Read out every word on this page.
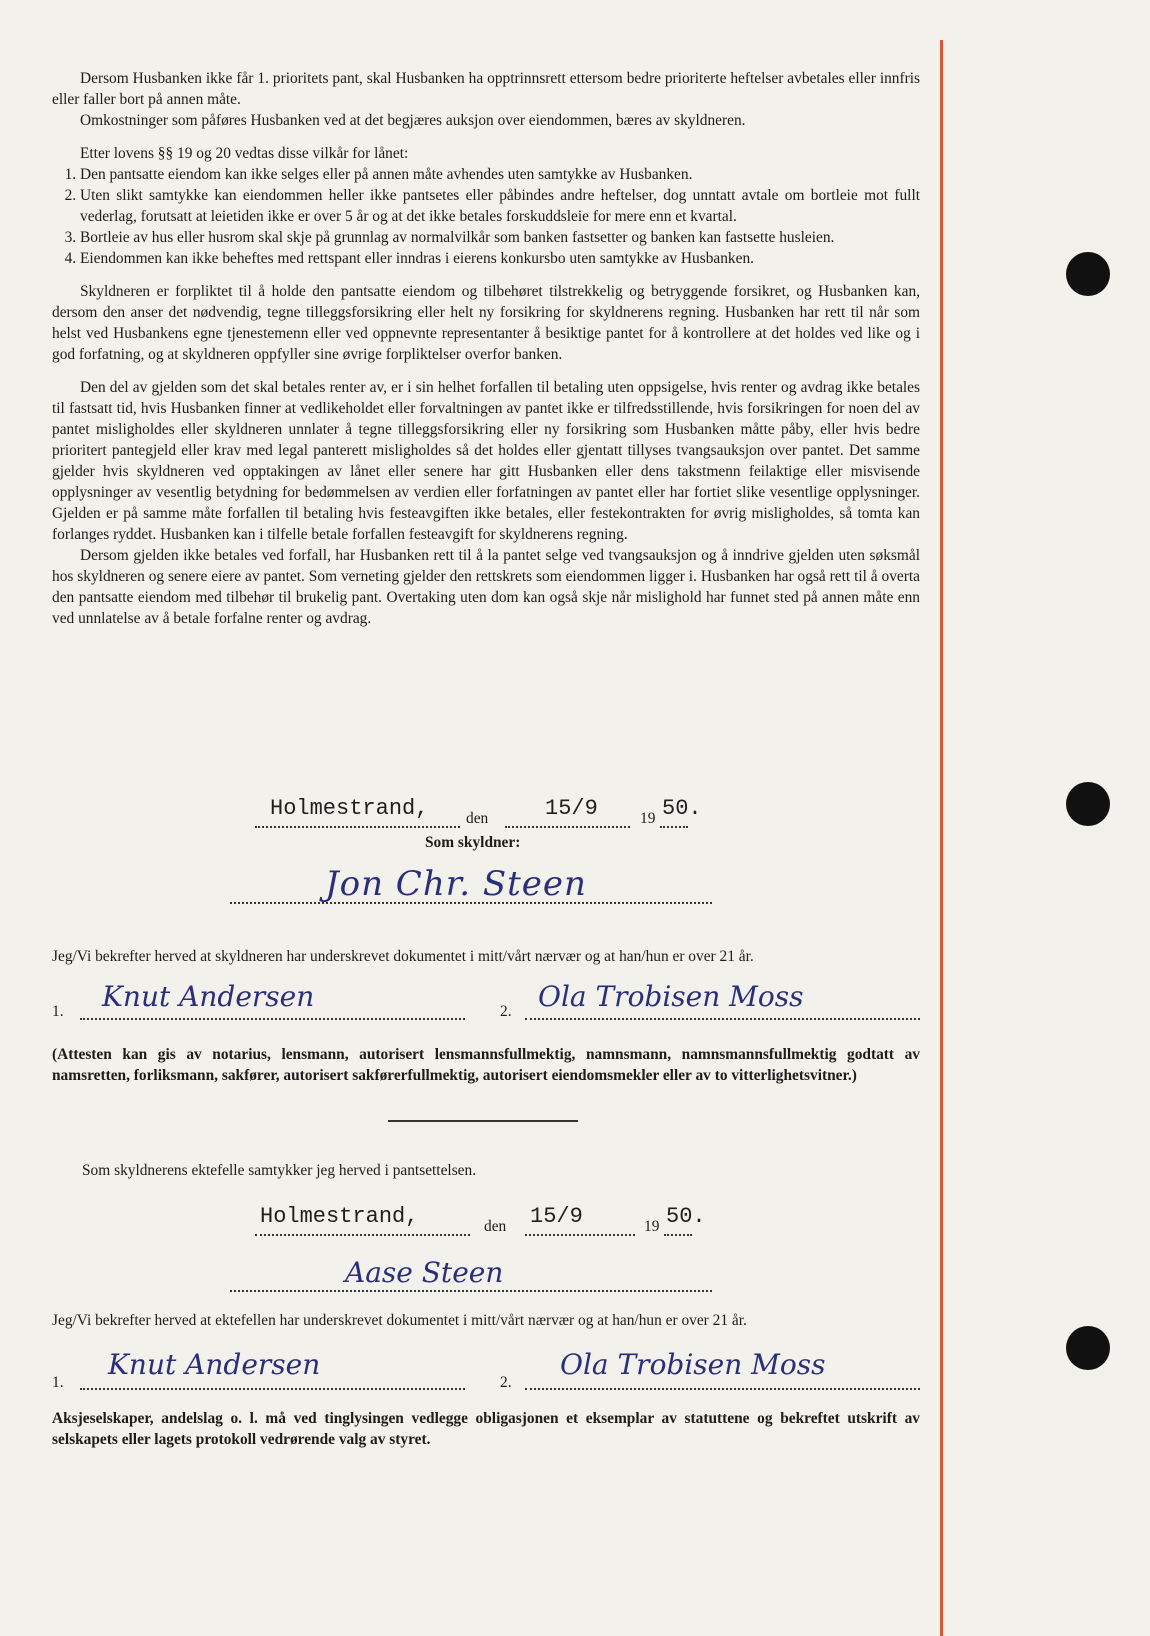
Dersom Husbanken ikke får 1. prioritets pant, skal Husbanken ha opptrinnsrett ettersom bedre prioriterte heftelser avbetales eller innfris eller faller bort på annen måte.

Omkostninger som påføres Husbanken ved at det begjæres auksjon over eiendommen, bæres av skyldneren.

Etter lovens §§ 19 og 20 vedtas disse vilkår for lånet:

1. Den pantsatte eiendom kan ikke selges eller på annen måte avhendes uten samtykke av Husbanken.
2. Uten slikt samtykke kan eiendommen heller ikke pantsetes eller påbindes andre heftelser, dog unntatt avtale om bortleie mot fullt vederlag, forutsatt at leietiden ikke er over 5 år og at det ikke betales forskuddsleie for mere enn et kvartal.
3. Bortleie av hus eller husrom skal skje på grunnlag av normalvilkår som banken fastsetter og banken kan fastsette husleien.
4. Eiendommen kan ikke beheftes med rettspant eller inndras i eierens konkursbo uten samtykke av Husbanken.

Skyldneren er forpliktet til å holde den pantsatte eiendom og tilbehøret tilstrekkelig og betryggende forsikret, og Husbanken kan, dersom den anser det nødvendig, tegne tilleggsforsikring eller helt ny forsikring for skyldnerens regning. Husbanken har rett til når som helst ved Husbankens egne tjenestemenn eller ved oppnevnte representanter å besiktige pantet for å kontrollere at det holdes ved like og i god forfatning, og at skyldneren oppfyller sine øvrige forpliktelser overfor banken.

Den del av gjelden som det skal betales renter av, er i sin helhet forfallen til betaling uten oppsigelse, hvis renter og avdrag ikke betales til fastsatt tid, hvis Husbanken finner at vedlikeholdet eller forvaltningen av pantet ikke er tilfredsstillende, hvis forsikringen for noen del av pantet misligholdes eller skyldneren unnlater å tegne tilleggsforsikring eller ny forsikring som Husbanken måtte påby, eller hvis bedre prioritert pantegjeld eller krav med legal panterett misligholdes så det holdes eller gjentatt tillyses tvangsauksjon over pantet. Det samme gjelder hvis skyldneren ved opptakingen av lånet eller senere har gitt Husbanken eller dens takstmenn feilaktige eller misvisende opplysninger av vesentlig betydning for bedømmelsen av verdien eller forfatningen av pantet eller har fortiet slike vesentlige opplysninger. Gjelden er på samme måte forfallen til betaling hvis festeavgiften ikke betales, eller festekontrakten for øvrig misligholdes, så tomta kan forlanges ryddet. Husbanken kan i tilfelle betale forfallen festeavgift for skyldnerens regning.

Dersom gjelden ikke betales ved forfall, har Husbanken rett til å la pantet selge ved tvangsauksjon og å inndrive gjelden uten søksmål hos skyldneren og senere eiere av pantet. Som verneting gjelder den rettskrets som eiendommen ligger i. Husbanken har også rett til å overta den pantsatte eiendom med tilbehør til brukelig pant. Overtaking uten dom kan også skje når mislighold har funnet sted på annen måte enn ved unnlatelse av å betale forfalne renter og avdrag.

Holmestrand, den	15/9	19 50.
Som skyldner:
Jon Chr. Steen
Jeg/Vi bekrefter herved at skyldneren har underskrevet dokumentet i mitt/vårt nærvær og at han/hun er over 21 år.
1. Knut Andersen	2. Ola Trobisen Moss
(Attesten kan gis av notarius, lensmann, autorisert lensmannsfullmektig, namnsmann, namnsmannsfullmektig godtatt av namsretten, forliksmann, sakfører, autorisert sakførerfullmektig, autorisert eiendomsmekler eller av to vitterlighetsvitner.)
Som skyldnerens ektefelle samtykker jeg herved i pantsettelsen.
Holmestrand,	den 15/9	19 50.
Aase Steen
Jeg/Vi bekrefter herved at ektefellen har underskrevet dokumentet i mitt/vårt nærvær og at han/hun er over 21 år.
1.
Knut Andersen
2.
Ola Trobisen Moss
Aksjeselskaper, andelslag o. l. må ved tinglysingen vedlegge obligasjonen et eksemplar av statuttene og bekreftet utskrift av selskapets eller lagets protokoll vedrørende valg av styret.
